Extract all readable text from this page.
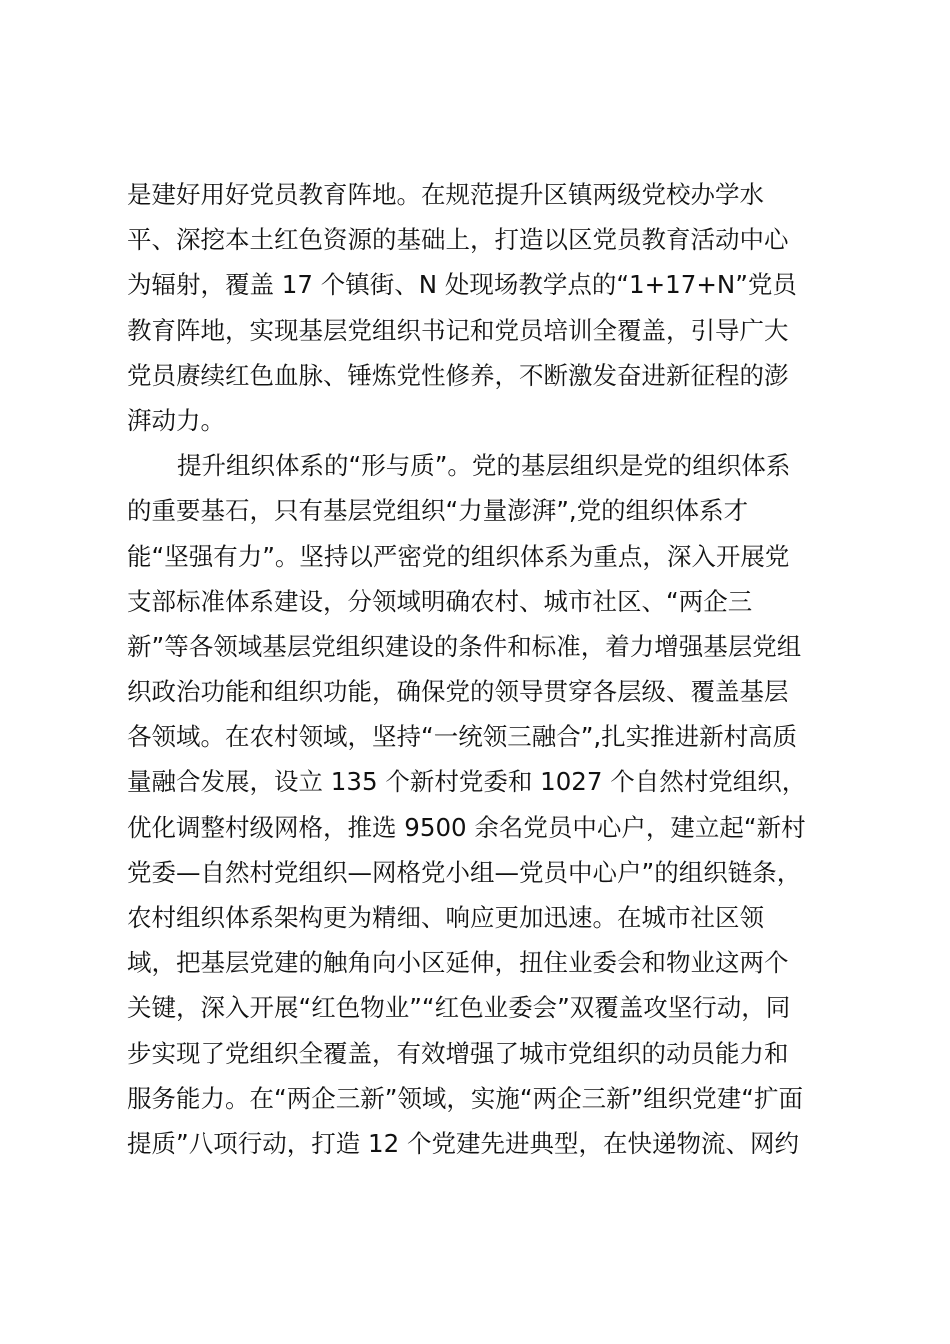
是建好用好党员教育阵地。在规范提升区镇两级党校办学水
平、深挖本土红色资源的基础上，打造以区党员教育活动中心
为辐射，覆盖 17 个镇街、N 处现场教学点的“1+17+N”党员
教育阵地，实现基层党组织书记和党员培训全覆盖，引导广大
党员赓续红色血脉、锤炼党性修养，不断激发奋进新征程的澎
湃动力。
提升组织体系的“形与质”。党的基层组织是党的组织体系
的重要基石，只有基层党组织“力量澎湃”,党的组织体系才
能“坚强有力”。坚持以严密党的组织体系为重点，深入开展党
支部标准体系建设，分领域明确农村、城市社区、“两企三
新”等各领域基层党组织建设的条件和标准，着力增强基层党组
织政治功能和组织功能，确保党的领导贯穿各层级、覆盖基层
各领域。在农村领域，坚持“一统领三融合”,扎实推进新村高质
量融合发展，设立 135 个新村党委和 1027 个自然村党组织，
优化调整村级网格，推选 9500 余名党员中心户，建立起“新村
党委—自然村党组织—网格党小组—党员中心户”的组织链条，
农村组织体系架构更为精细、响应更加迅速。在城市社区领
域，把基层党建的触角向小区延伸，扭住业委会和物业这两个
关键，深入开展“红色物业”“红色业委会”双覆盖攻坚行动，同
步实现了党组织全覆盖，有效增强了城市党组织的动员能力和
服务能力。在“两企三新”领域，实施“两企三新”组织党建“扩面
提质”八项行动，打造 12 个党建先进典型，在快递物流、网约
